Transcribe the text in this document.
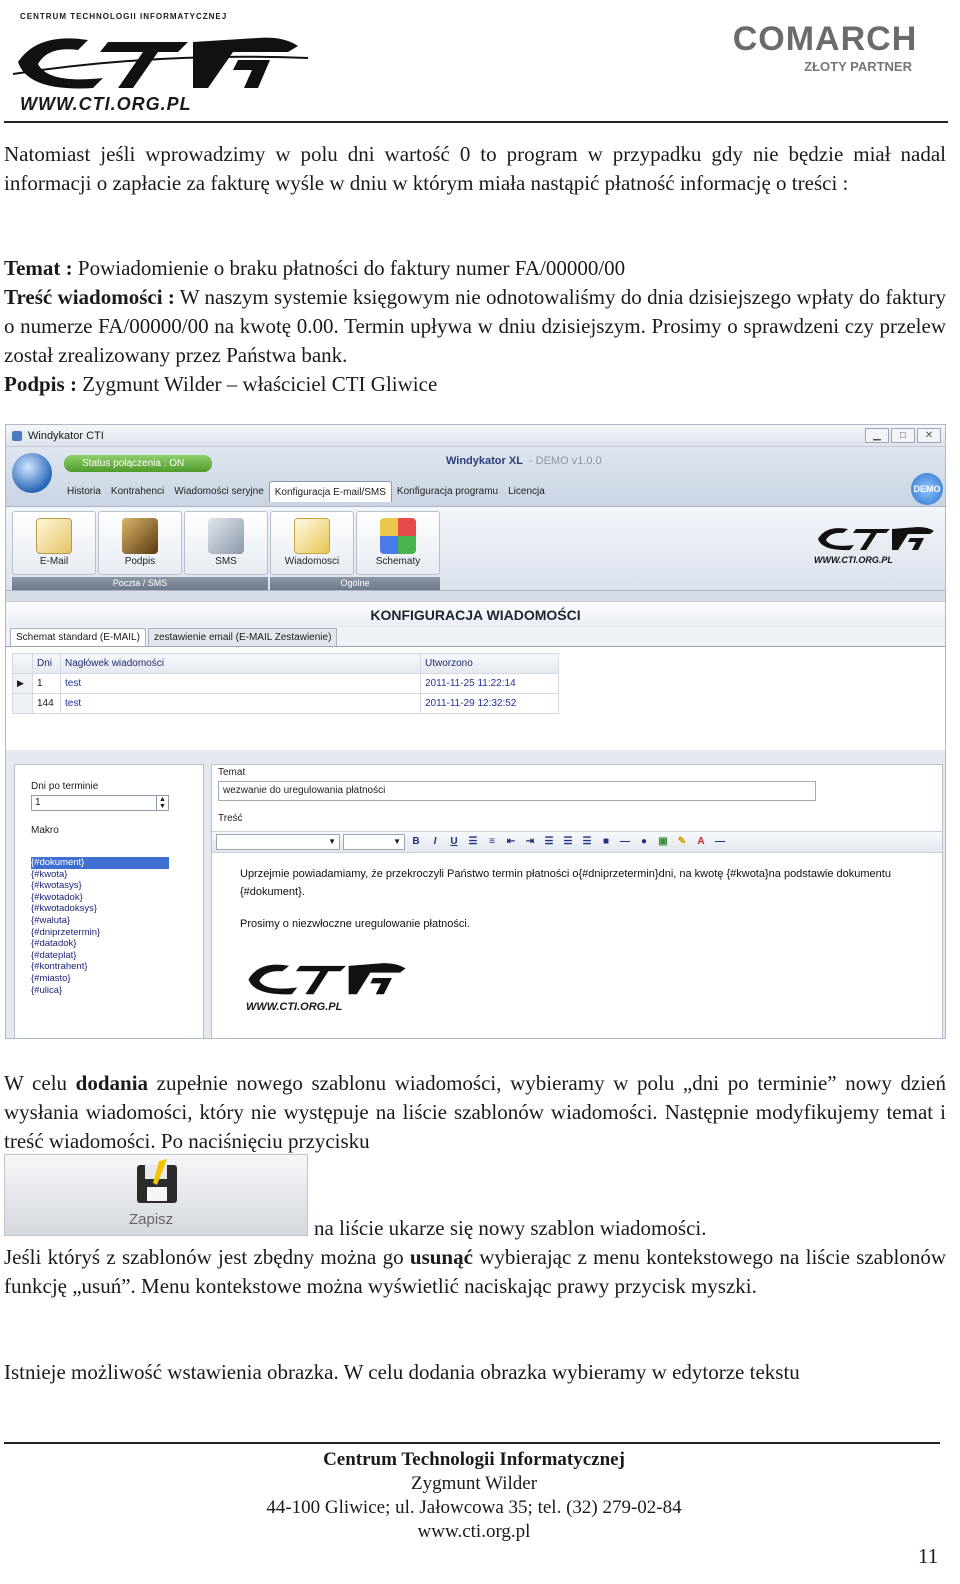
CENTRUM TECHNOLOGII INFORMATYCZNEJ
WWW.CTI.ORG.PL
COMARCH
ZŁOTY PARTNER

Natomiast jeśli wprowadzimy w polu dni wartość 0 to program w przypadku gdy nie będzie miał nadal informacji o zapłacie za fakturę wyśle w dniu w którym miała nastąpić płatność informację o treści :

Temat : Powiadomienie o braku płatności do faktury numer FA/00000/00
Treść wiadomości : W naszym systemie księgowym nie odnotowaliśmy do dnia dzisiejszego wpłaty do faktury o numerze FA/00000/00 na kwotę 0.00. Termin upływa w dniu dzisiejszym. Prosimy o sprawdzeni czy przelew został zrealizowany przez Państwa bank.
Podpis : Zygmunt Wilder – właściciel CTI Gliwice
Windykator CTI	▁	□	✕
Status połączenia : ON	Windykator XL - DEMO v1.0.0
DEMO
Historia	Kontrahenci	Wiadomości seryjne	Konfiguracja E-mail/SMS	Konfiguracja programu	Licencja
E-Mail	Podpis	SMS	Wiadomosci	Schematy
Poczta / SMS	Ogólne
WWW.CTI.ORG.PL
KONFIGURACJA WIADOMOŚCI
Schemat standard (E-MAIL)	zestawienie email (E-MAIL Zestawienie)
	Dni	Nagłówek wiadomości	Utworzono
▶	1	test	2011-11-25 11:22:14
	144	test	2011-11-29 12:32:52
Dni po terminie
1	▲
▼
Makro
{#dokument}
{#kwota}
{#kwotasys}
{#kwotadok}
{#kwotadoksys}
{#waluta}
{#dniprzetermin}
{#datadok}
{#dateplat}
{#kontrahent}
{#miasto}
{#ulica}
Temat
wezwanie do uregulowania płatności
Treść
▼	▼	B	I	U	☰	≡	⇤	⇥	☰	☰	☰	■	—	●	▣	✎	A	—

Uprzejmie powiadamiamy, że przekroczyli Państwo termin płatności o{#dniprzetermin}dni, na kwotę {#kwota}na podstawie dokumentu {#dokument}.

Prosimy o niezwłoczne uregulowanie płatności.

WWW.CTI.ORG.PL

W celu dodania zupełnie nowego szablonu wiadomości, wybieramy w polu „dni po terminie” nowy dzień wysłania wiadomości, który nie występuje na liście szablonów wiadomości. Następnie modyfikujemy temat i treść wiadomości. Po naciśnięciu przycisku

Zapisz	na liście ukarze się nowy szablon wiadomości.

Jeśli któryś z szablonów jest zbędny można go usunąć wybierając z menu kontekstowego na liście szablonów funkcję „usuń”. Menu kontekstowe można wyświetlić naciskając prawy przycisk myszki.

Istnieje możliwość wstawienia obrazka. W celu dodania obrazka wybieramy w edytorze tekstu

Centrum Technologii Informatycznej
Zygmunt Wilder
44-100 Gliwice; ul. Jałowcowa 35; tel. (32) 279-02-84
www.cti.org.pl
11
